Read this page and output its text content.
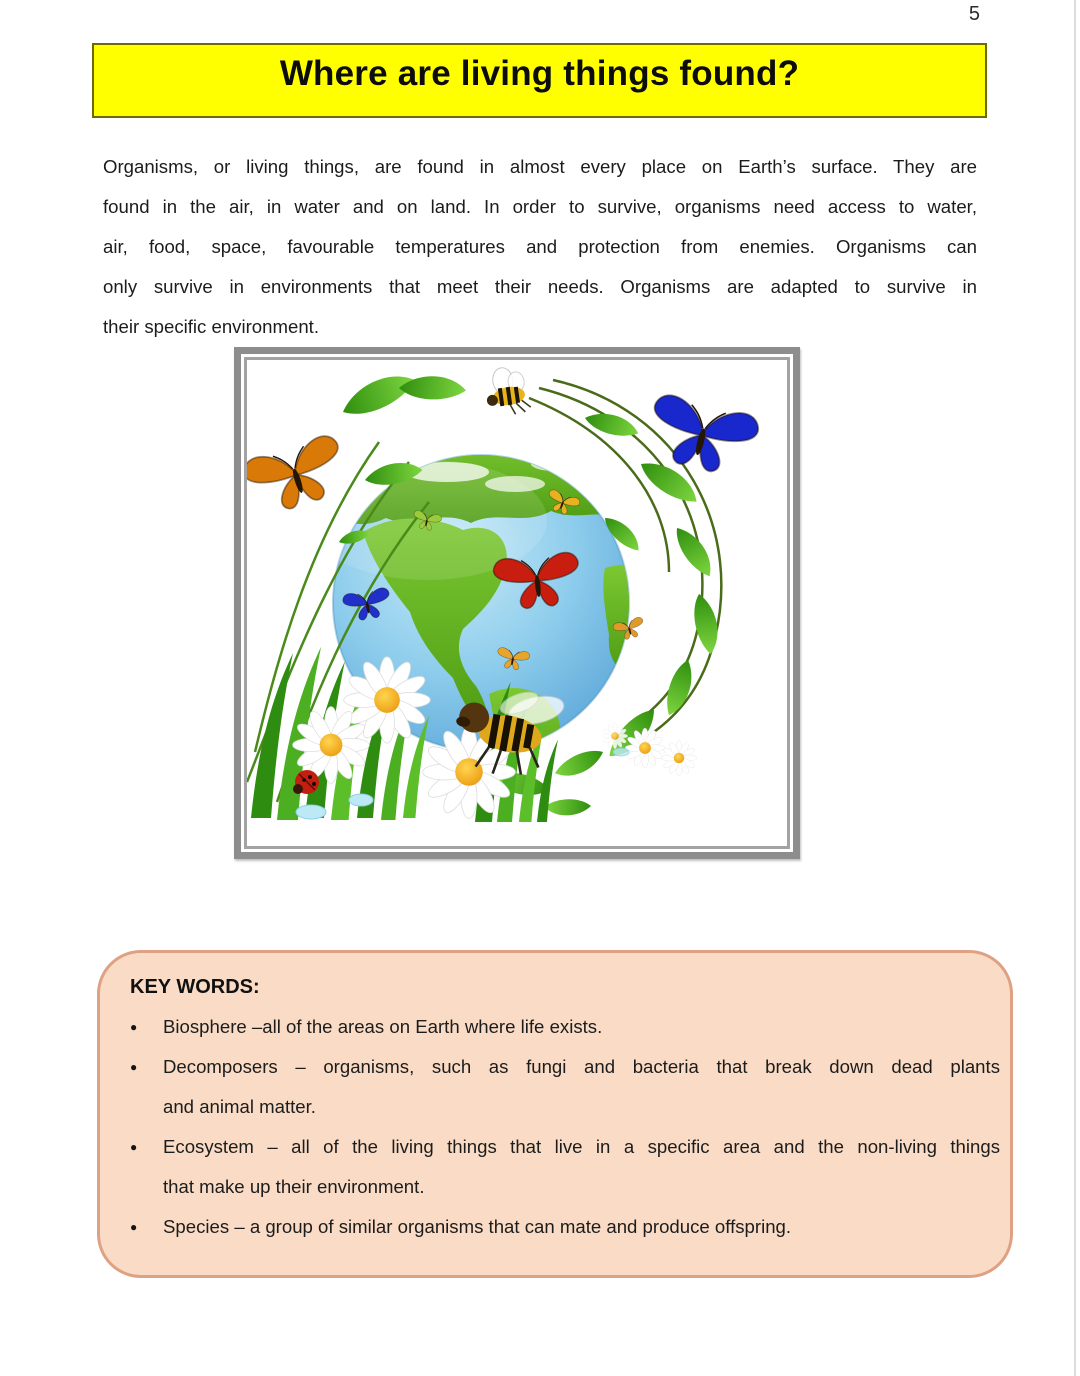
5
Where are living things found?
Organisms, or living things, are found in almost every place on Earth’s surface. They are
found in the air, in water and on land. In order to survive, organisms need access to water,
air, food, space, favourable temperatures and protection from enemies. Organisms can
only survive in environments that meet their needs. Organisms are adapted to survive in
their specific environment.
KEY WORDS:
●	Biosphere –all of the areas on Earth where life exists.
●	Decomposers – organisms, such as fungi and bacteria that break down dead plants
and animal matter.
●	Ecosystem – all of the living things that live in a specific area and the non-living things
that make up their environment.
●	Species – a group of similar organisms that can mate and produce offspring.
